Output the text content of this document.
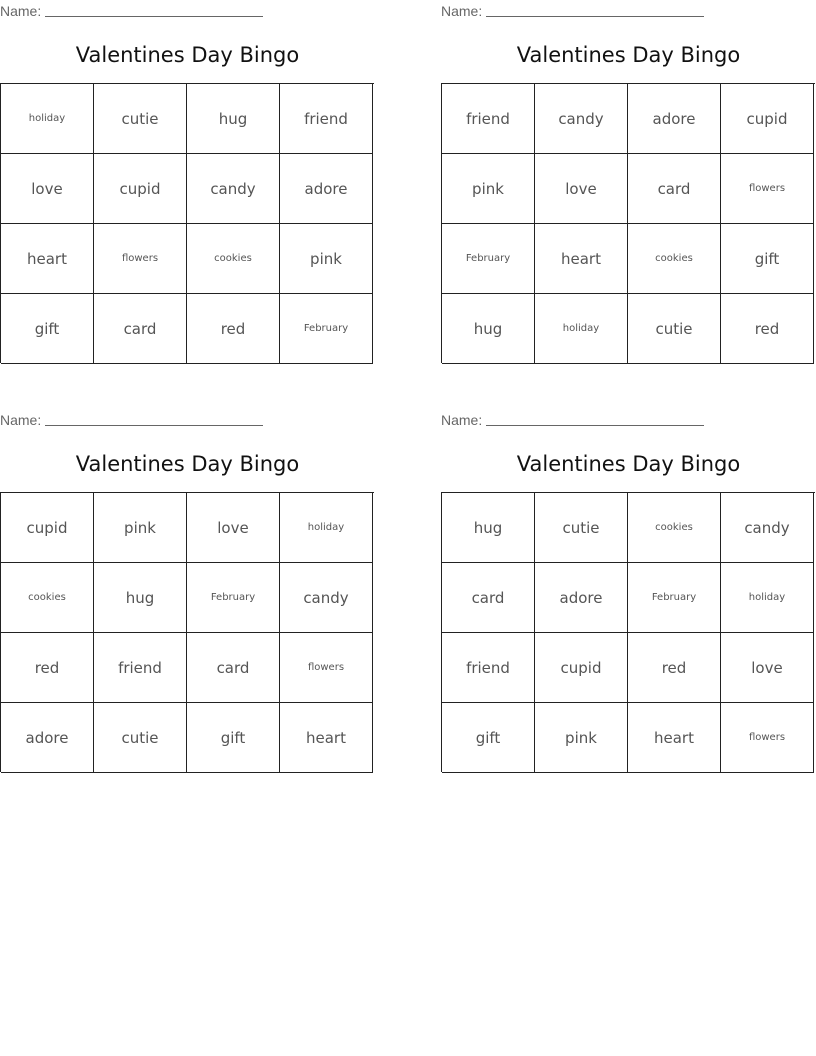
Name:
Valentines Day Bingo
holiday	cutie	hug	friend
love	cupid	candy	adore
heart	flowers	cookies	pink
gift	card	red	February
Name:
Valentines Day Bingo
friend	candy	adore	cupid
pink	love	card	flowers
February	heart	cookies	gift
hug	holiday	cutie	red
Name:
Valentines Day Bingo
cupid	pink	love	holiday
cookies	hug	February	candy
red	friend	card	flowers
adore	cutie	gift	heart
Name:
Valentines Day Bingo
hug	cutie	cookies	candy
card	adore	February	holiday
friend	cupid	red	love
gift	pink	heart	flowers
